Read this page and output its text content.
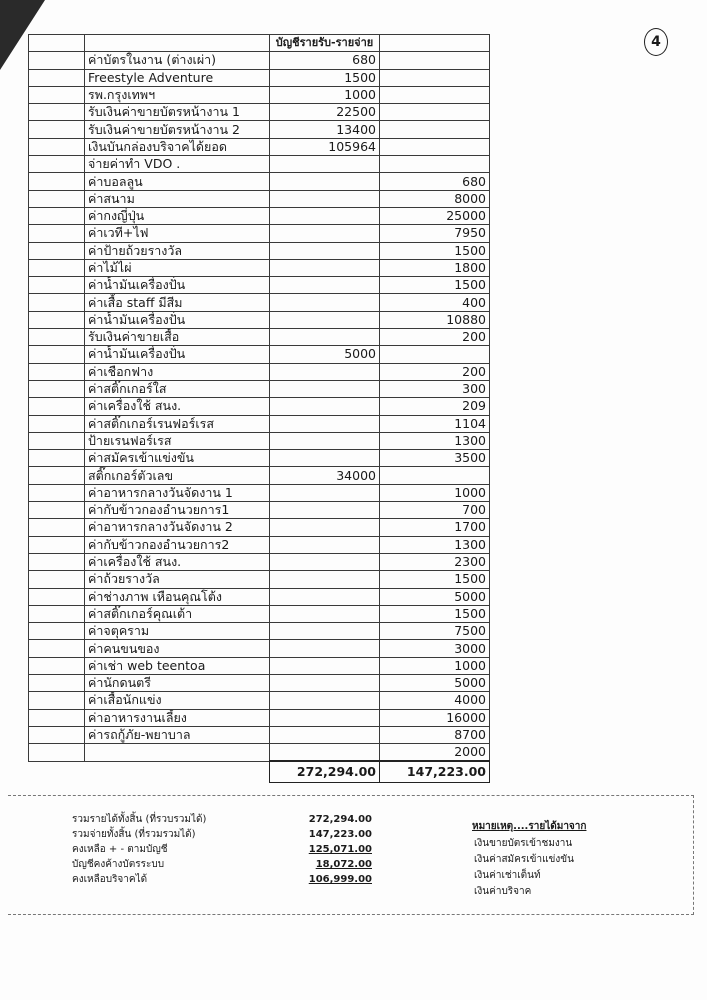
4
		บัญชีรายรับ-รายจ่าย	
	ค่าบัตรในงาน (ต่างเผ่า)	680	
	Freestyle Adventure	1500	
	รพ.กรุงเทพฯ	1000	
	รับเงินค่าขายบัตรหน้างาน 1	22500	
	รับเงินค่าขายบัตรหน้างาน 2	13400	
	เงินบันกล่องบริจาคได้ยอด	105964	
	จ่ายค่าทำ VDO .		
	ค่าบอลลูน		680
	ค่าสนาม		8000
	ค่ากงญี่ปุ่น		25000
	ค่าเวที+ไฟ		7950
	ค่าป้ายถ้วยรางวัล		1500
	ค่าไม้ไผ่		1800
	ค่าน้ำมันเครื่องปั่น		1500
	ค่าเสื้อ staff มีสีม		400
	ค่าน้ำมันเครื่องปั่น		10880
	รับเงินค่าขายเสื้อ		200
	ค่าน้ำมันเครื่องปั่น	5000	
	ค่าเชือกฟาง		200
	ค่าสติ๊กเกอร์ใส		300
	ค่าเครื่องใช้ สนง.		209
	ค่าสติ๊กเกอร์เรนฟอร์เรส		1104
	ป้ายเรนฟอร์เรส		1300
	ค่าสมัครเข้าแข่งขัน		3500
	สติ๊กเกอร์ตัวเลข	34000	
	ค่าอาหารกลางวันจัดงาน 1		1000
	ค่ากับข้าวกองอำนวยการ1		700
	ค่าอาหารกลางวันจัดงาน 2		1700
	ค่ากับข้าวกองอำนวยการ2		1300
	ค่าเครื่องใช้ สนง.		2300
	ค่าถ้วยรางวัล		1500
	ค่าช่างภาพ เหือนคุณโต้ง		5000
	ค่าสติ๊กเกอร์คุณเต้า		1500
	ค่าจตุคราม		7500
	ค่าคนขนของ		3000
	ค่าเช่า web teentoa		1000
	ค่านักดนตรี		5000
	ค่าเสื้อนักแข่ง		4000
	ค่าอาหารงานเลี้ยง		16000
	ค่ารถกู้ภัย-พยาบาล		8700
			2000
		272,294.00	147,223.00
รวมรายได้ทั้งสิ้น (ที่รวบรวมได้)	272,294.00
รวมจ่ายทั้งสิ้น (ที่รวมรวมได้)	147,223.00
คงเหลือ + - ตามบัญชี	125,071.00
บัญชีคงค้างบัตรระบบ	18,072.00
คงเหลือบริจาคได้	106,999.00
หมายเหตุ....รายได้มาจาก
เงินขายบัตรเข้าชมงาน
เงินค่าสมัครเข้าแข่งขัน
เงินค่าเช่าเต็นท์
เงินค่าบริจาค
